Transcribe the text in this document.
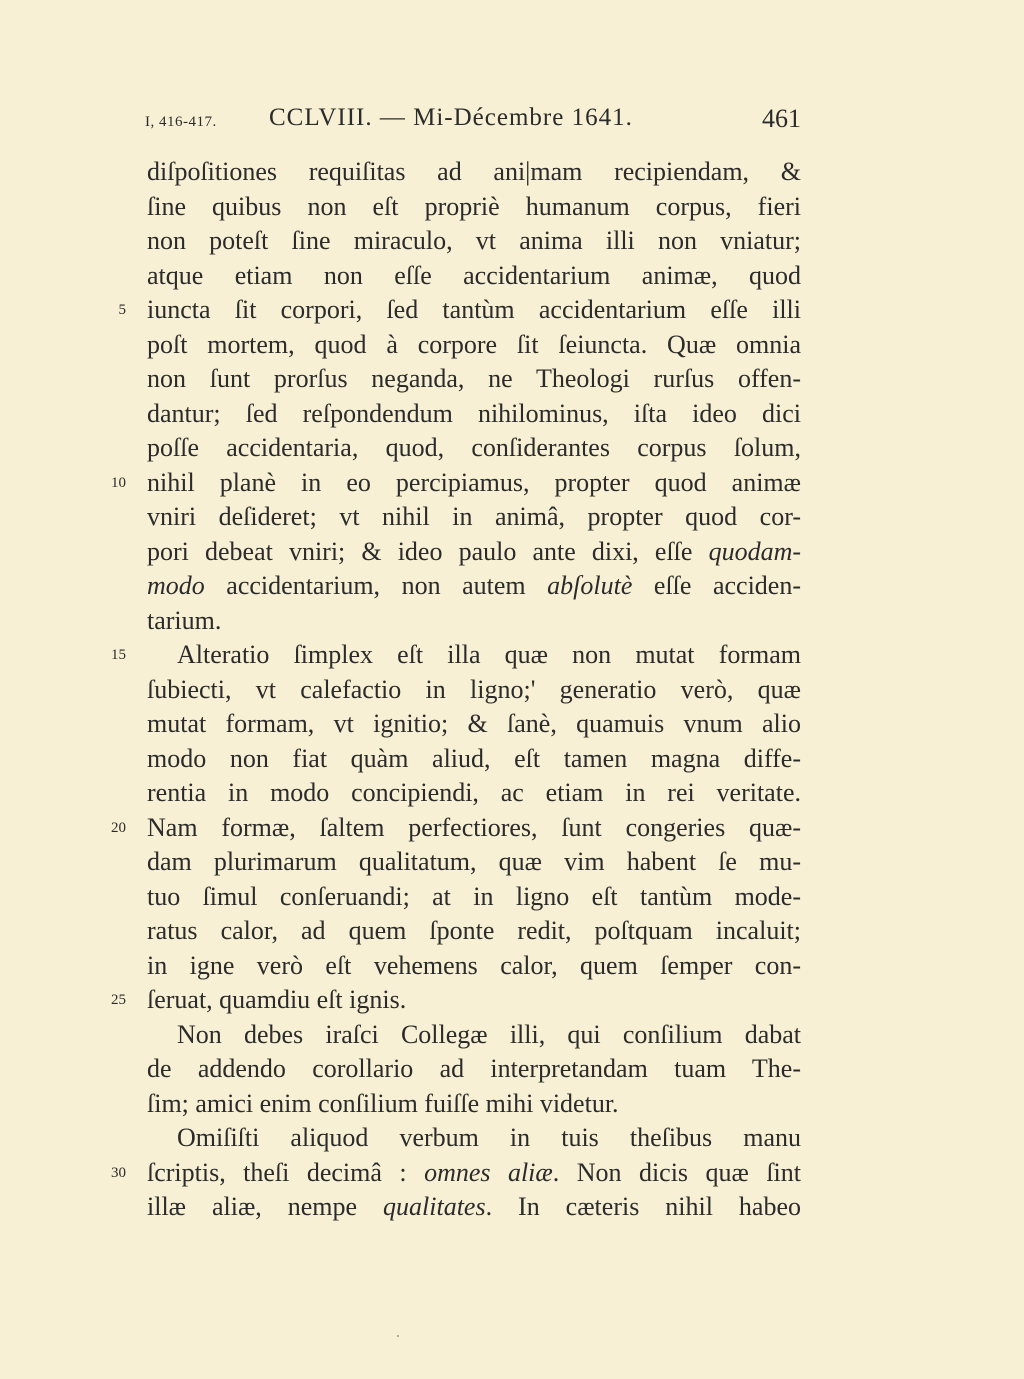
I, 416-417. CCLVIII. — Mi-Décembre 1641.	461
diſpoſitiones requiſitas ad ani|mam recipiendam, &
ſine quibus non eſt propriè humanum corpus, fieri
non poteſt ſine miraculo, vt anima illi non vniatur;
atque etiam non eſſe accidentarium animæ, quod
5 iuncta ſit corpori, ſed tantùm accidentarium eſſe illi
poſt mortem, quod à corpore ſit ſeiuncta. Quæ omnia
non ſunt prorſus neganda, ne Theologi rurſus offen-
dantur; ſed reſpondendum nihilominus, iſta ideo dici
poſſe accidentaria, quod, conſiderantes corpus ſolum,
10 nihil planè in eo percipiamus, propter quod animæ
vniri deſideret; vt nihil in animâ, propter quod cor-
pori debeat vniri; & ideo paulo ante dixi, eſſe quodam-
modo accidentarium, non autem abſolutè eſſe acciden-
tarium.
15 Alteratio ſimplex eſt illa quæ non mutat formam
ſubiecti, vt calefactio in ligno;' generatio verò, quæ
mutat formam, vt ignitio; & ſanè, quamuis vnum alio
modo non fiat quàm aliud, eſt tamen magna diffe-
rentia in modo concipiendi, ac etiam in rei veritate.
20 Nam formæ, ſaltem perfectiores, ſunt congeries quæ-
dam plurimarum qualitatum, quæ vim habent ſe mu-
tuo ſimul conſeruandi; at in ligno eſt tantùm mode-
ratus calor, ad quem ſponte redit, poſtquam incaluit;
in igne verò eſt vehemens calor, quem ſemper con-
25 ſeruat, quamdiu eſt ignis.
Non debes iraſci Collegæ illi, qui conſilium dabat
de addendo corollario ad interpretandam tuam The-
ſim; amici enim conſilium fuiſſe mihi videtur.
Omiſiſti aliquod verbum in tuis theſibus manu
30 ſcriptis, theſi decimâ : omnes aliæ. Non dicis quæ ſint
illæ aliæ, nempe qualitates. In cæteris nihil habeo
